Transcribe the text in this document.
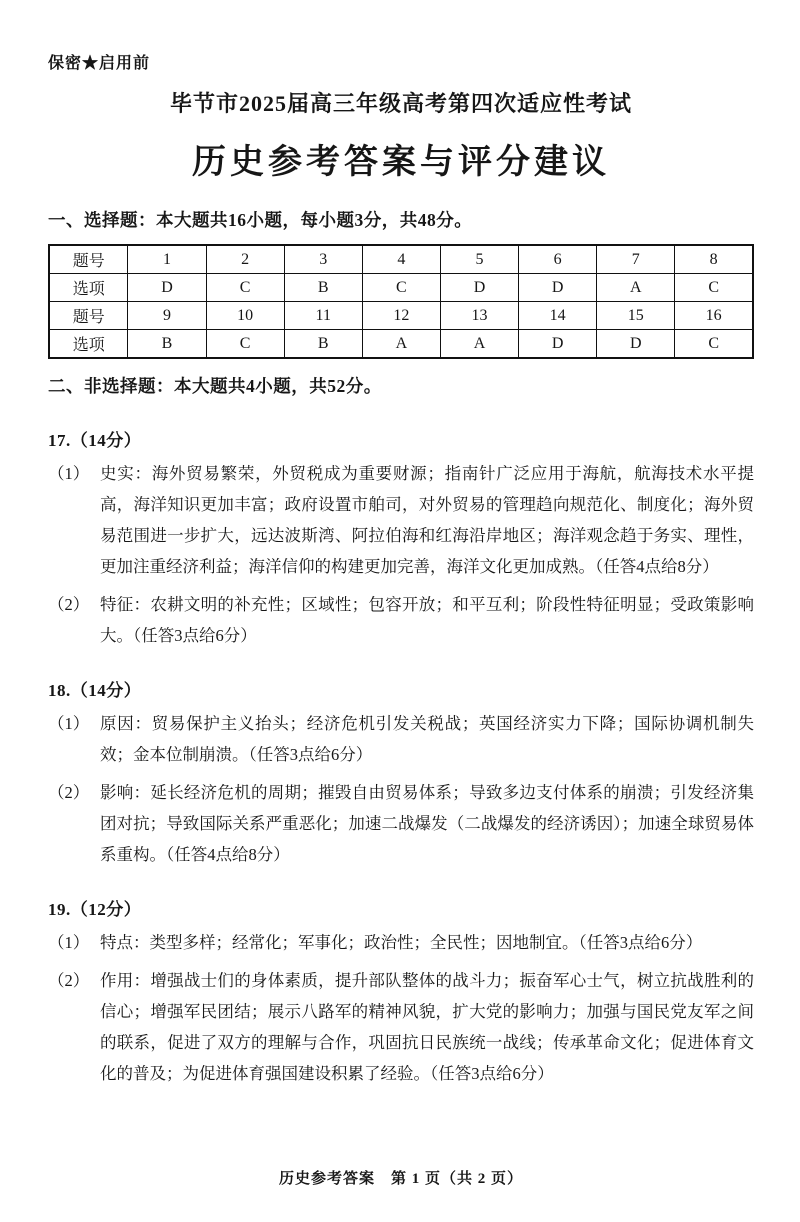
保密★启用前
毕节市2025届高三年级高考第四次适应性考试
历史参考答案与评分建议
一、选择题：本大题共16小题，每小题3分，共48分。
题号	1	2	3	4	5	6	7	8
选项	D	C	B	C	D	D	A	C
题号	9	10	11	12	13	14	15	16
选项	B	C	B	A	A	D	D	C
二、非选择题：本大题共4小题，共52分。
17.（14分）
（1） 史实：海外贸易繁荣，外贸税成为重要财源；指南针广泛应用于海航，航海技术水平提高，海洋知识更加丰富；政府设置市舶司，对外贸易的管理趋向规范化、制度化；海外贸易范围进一步扩大，远达波斯湾、阿拉伯海和红海沿岸地区；海洋观念趋于务实、理性，更加注重经济利益；海洋信仰的构建更加完善，海洋文化更加成熟。（任答4点给8分）
（2） 特征：农耕文明的补充性；区域性；包容开放；和平互利；阶段性特征明显；受政策影响大。（任答3点给6分）
18.（14分）
（1） 原因：贸易保护主义抬头；经济危机引发关税战；英国经济实力下降；国际协调机制失效；金本位制崩溃。（任答3点给6分）
（2） 影响：延长经济危机的周期；摧毁自由贸易体系；导致多边支付体系的崩溃；引发经济集团对抗；导致国际关系严重恶化；加速二战爆发（二战爆发的经济诱因）；加速全球贸易体系重构。（任答4点给8分）
19.（12分）
（1） 特点：类型多样；经常化；军事化；政治性；全民性；因地制宜。（任答3点给6分）
（2） 作用：增强战士们的身体素质，提升部队整体的战斗力；振奋军心士气，树立抗战胜利的信心；增强军民团结；展示八路军的精神风貌，扩大党的影响力；加强与国民党友军之间的联系，促进了双方的理解与合作，巩固抗日民族统一战线；传承革命文化；促进体育文化的普及；为促进体育强国建设积累了经验。（任答3点给6分）
历史参考答案　第 1 页（共 2 页）
